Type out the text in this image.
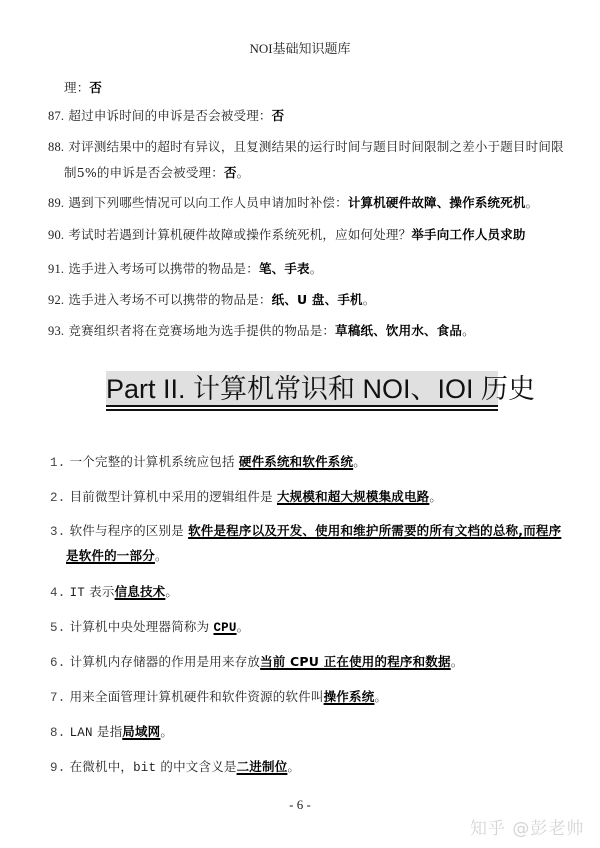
NOI基础知识题库
理：否
87. 超过申诉时间的申诉是否会被受理：否
88. 对评测结果中的超时有异议，且复测结果的运行时间与题目时间限制之差小于题目时间限
制5%的申诉是否会被受理：否。
89. 遇到下列哪些情况可以向工作人员申请加时补偿：计算机硬件故障、操作系统死机。
90. 考试时若遇到计算机硬件故障或操作系统死机，应如何处理？举手向工作人员求助
91. 选手进入考场可以携带的物品是：笔、手表。
92. 选手进入考场不可以携带的物品是：纸、U 盘、手机。
93. 竞赛组织者将在竞赛场地为选手提供的物品是：草稿纸、饮用水、食品。
Part II. 计算机常识和 NOI、IOI 历史
1. 一个完整的计算机系统应包括 硬件系统和软件系统。
2. 目前微型计算机中采用的逻辑组件是 大规模和超大规模集成电路。
3. 软件与程序的区别是 软件是程序以及开发、使用和维护所需要的所有文档的总称,而程序
是软件的一部分。
4. IT 表示信息技术。
5. 计算机中央处理器简称为 CPU。
6. 计算机内存储器的作用是用来存放当前 CPU 正在使用的程序和数据。
7. 用来全面管理计算机硬件和软件资源的软件叫操作系统。
8. LAN 是指局域网。
9. 在微机中，bit 的中文含义是二进制位。
- 6 -
知乎 @彭老帅
